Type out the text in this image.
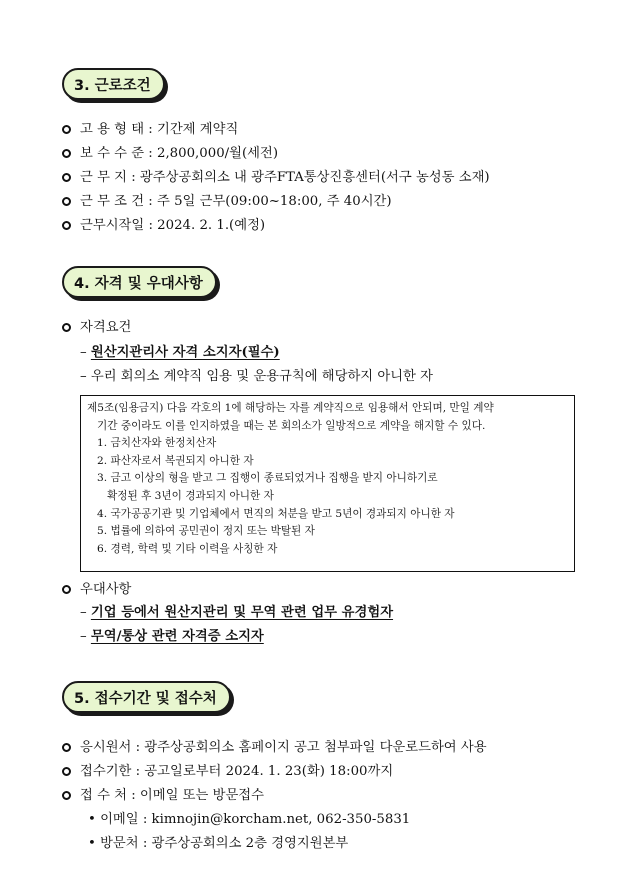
3. 근로조건
고 용 형 태 : 기간제 계약직
보 수 수 준 : 2,800,000/월(세전)
근 무 지 : 광주상공회의소 내 광주FTA통상진흥센터(서구 농성동 소재)
근 무 조 건 : 주 5일 근무(09:00~18:00, 주 40시간)
근무시작일 : 2024. 2. 1.(예정)
4. 자격 및 우대사항
자격요건
– 원산지관리사 자격 소지자(필수)
– 우리 회의소 계약직 임용 및 운용규칙에 해당하지 아니한 자
제5조(임용금지) 다음 각호의 1에 해당하는 자를 계약직으로 임용해서 안되며, 만일 계약
기간 중이라도 이를 인지하였을 때는 본 회의소가 일방적으로 계약을 해지할 수 있다.
1. 금치산자와 한정치산자
2. 파산자로서 복권되지 아니한 자
3. 금고 이상의 형을 받고 그 집행이 종료되었거나 집행을 받지 아니하기로
확정된 후 3년이 경과되지 아니한 자
4. 국가공공기관 및 기업체에서 면직의 처분을 받고 5년이 경과되지 아니한 자
5. 법률에 의하여 공민권이 정지 또는 박탈된 자
6. 경력, 학력 및 기타 이력을 사칭한 자
우대사항
– 기업 등에서 원산지관리 및 무역 관련 업무 유경험자
– 무역/통상 관련 자격증 소지자
5. 접수기간 및 접수처
응시원서 : 광주상공회의소 홈페이지 공고 첨부파일 다운로드하여 사용
접수기한 : 공고일로부터 2024. 1. 23(화) 18:00까지
접 수 처 : 이메일 또는 방문접수
• 이메일 : kimnojin@korcham.net, 062-350-5831
• 방문처 : 광주상공회의소 2층 경영지원본부
